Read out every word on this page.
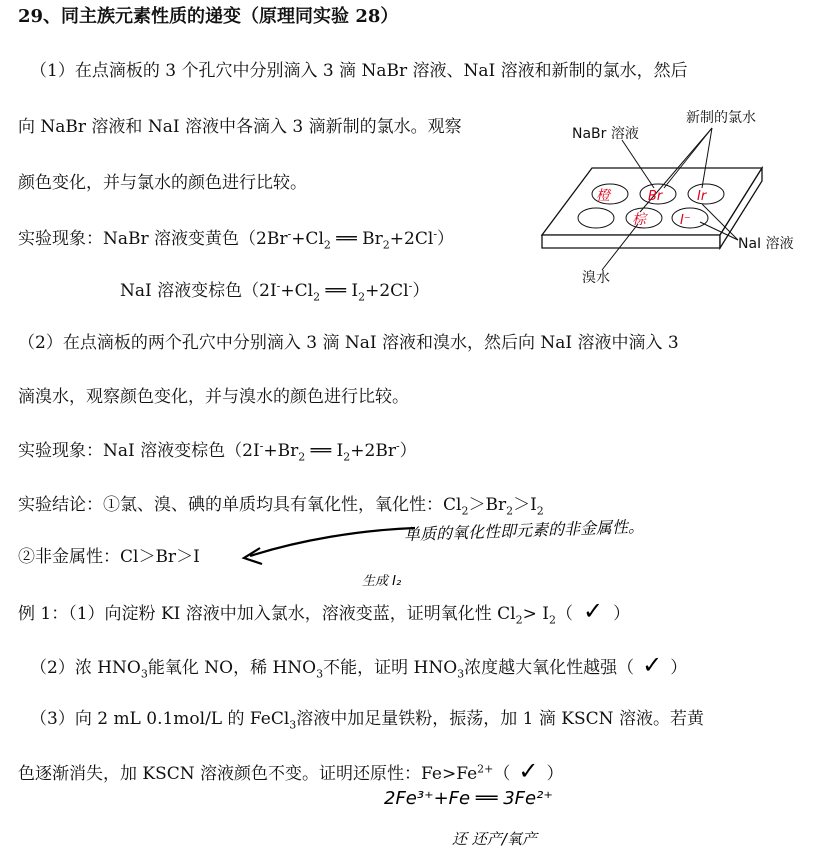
29、同主族元素性质的递变（原理同实验 28）
（1）在点滴板的 3 个孔穴中分别滴入 3 滴 NaBr 溶液、NaI 溶液和新制的氯水，然后
向 NaBr 溶液和 NaI 溶液中各滴入 3 滴新制的氯水。观察
颜色变化，并与氯水的颜色进行比较。
实验现象：NaBr 溶液变黄色（$2Br^-+Cl_2$ ══ $Br_2+2Cl^-$）
NaI 溶液变棕色（$2I^-+Cl_2$ ══ $I_2+2Cl^-$）
NaBr 溶液
新制的氯水
NaI 溶液
溴水
橙	Br	Ir
棕	I⁻
（2）在点滴板的两个孔穴中分别滴入 3 滴 NaI 溶液和溴水，然后向 NaI 溶液中滴入 3
滴溴水，观察颜色变化，并与溴水的颜色进行比较。
实验现象：NaI 溶液变棕色（$2I^-+Br_2$ ══ $I_2+2Br^-$）
实验结论：①氯、溴、碘的单质均具有氧化性，氧化性：$Cl_2>Br_2>I_2$
②非金属性：Cl＞Br＞I
单质的氧化性即元素的非金属性。
生成 I₂
例 1：（1）向淀粉 KI 溶液中加入氯水，溶液变蓝，证明氧化性 $Cl_2> I_2$（ ✓ ）
（2）浓 $HNO_3$能氧化 NO，稀 $HNO_3$不能，证明 $HNO_3$浓度越大氧化性越强（ ✓ ）
（3）向 2 mL 0.1mol/L 的 FeCl$_3$溶液中加足量铁粉，振荡，加 1 滴 KSCN 溶液。若黄
色逐渐消失，加 KSCN 溶液颜色不变。证明还原性：$Fe>Fe^{2+}$（ ✓ ）
2Fe³⁺+Fe ══ 3Fe²⁺
还 还产/氧产
